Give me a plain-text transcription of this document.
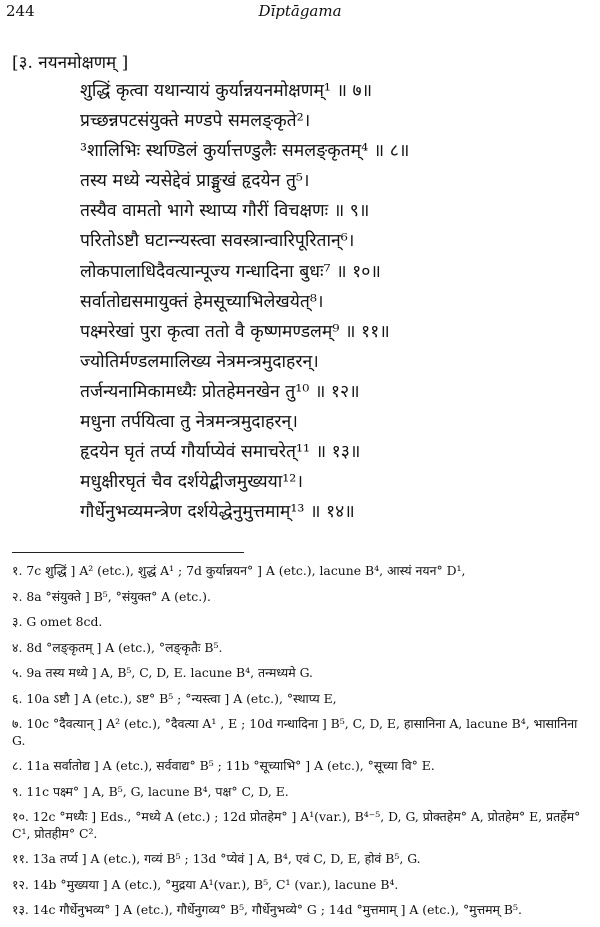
244	Dīptāgama
[३. नयनमोक्षणम् ]
शुद्धिं कृत्वा यथान्यायं कुर्यान्नयनमोक्षणम्¹ ॥ ७॥
प्रच्छन्नपटसंयुक्ते मण्डपे समलङ्कृते²।
³शालिभिः स्थण्डिलं कुर्यात्तण्डुलैः समलङ्कृतम्⁴ ॥ ८॥
तस्य मध्ये न्यसेद्देवं प्राङ्मुखं हृदयेन तु⁵।
तस्यैव वामतो भागे स्थाप्य गौरीं विचक्षणः ॥ ९॥
परितोऽष्टौ घटान्न्यस्त्वा सवस्त्रान्वारिपूरितान्⁶।
लोकपालाधिदैवत्यान्पूज्य गन्धादिना बुधः⁷ ॥ १०॥
सर्वातोद्यसमायुक्तं हेमसूच्याभिलेखयेत्⁸।
पक्ष्मरेखां पुरा कृत्वा ततो वै कृष्णमण्डलम्⁹ ॥ ११॥
ज्योतिर्मण्डलमालिख्य नेत्रमन्त्रमुदाहरन्।
तर्जन्यनामिकामध्यैः प्रोतहेमनखेन तु¹⁰ ॥ १२॥
मधुना तर्पयित्वा तु नेत्रमन्त्रमुदाहरन्।
हृदयेन घृतं तर्प्य गौर्याप्येवं समाचरेत्¹¹ ॥ १३॥
मधुक्षीरघृतं चैव दर्शयेद्बीजमुख्यया¹²।
गौर्धेनुभव्यमन्त्रेण दर्शयेद्धेनुमुत्तमाम्¹³ ॥ १४॥
१. 7c शुद्धिं ] A² (etc.), शुद्धं A¹ ; 7d कुर्यान्नयन° ] A (etc.), lacune B⁴, आस्यं नयन° D¹,
२. 8a °संयुक्ते ] B⁵, °संयुक्त° A (etc.).
३. G omet 8cd.
४. 8d °लङ्कृतम् ] A (etc.), °लङ्कृतैः B⁵.
५. 9a तस्य मध्ये ] A, B⁵, C, D, E. lacune B⁴, तन्मध्यमे G.
६. 10a ऽष्टौ ] A (etc.), ऽष्ट° B⁵ ; °न्यस्त्वा ] A (etc.), °स्थाप्य E,
७. 10c °दैवत्यान् ] A² (etc.), °दैवत्या A¹ , E ; 10d गन्धादिना ] B⁵, C, D, E, हासानिना A, lacune B⁴, भासानिना G.
८. 11a सर्वातोद्य ] A (etc.), सर्ववाद्य° B⁵ ; 11b °सूच्याभि° ] A (etc.), °सूच्या वि° E.
९. 11c पक्ष्म° ] A, B⁵, G, lacune B⁴, पक्ष° C, D, E.
१०. 12c °मध्यैः ] Eds., °मध्ये A (etc.) ; 12d प्रोतहेम° ] A¹(var.), B⁴⁻⁵, D, G, प्रोक्तहेम° A, प्रोतहेम° E, प्रतर्हेम° C¹, प्रोतहीम° C².
११. 13a तर्प्य ] A (etc.), गव्यं B⁵ ; 13d °प्येवं ] A, B⁴, एवं C, D, E, होवं B⁵, G.
१२. 14b °मुख्यया ] A (etc.), °मुद्रया A¹(var.), B⁵, C¹ (var.), lacune B⁴.
१३. 14c गौर्धेनुभव्य° ] A (etc.), गौर्धेनुगव्य° B⁵, गौर्धेनुभव्ये° G ; 14d °मुत्तमाम् ] A (etc.), °मुत्तमम् B⁵.
